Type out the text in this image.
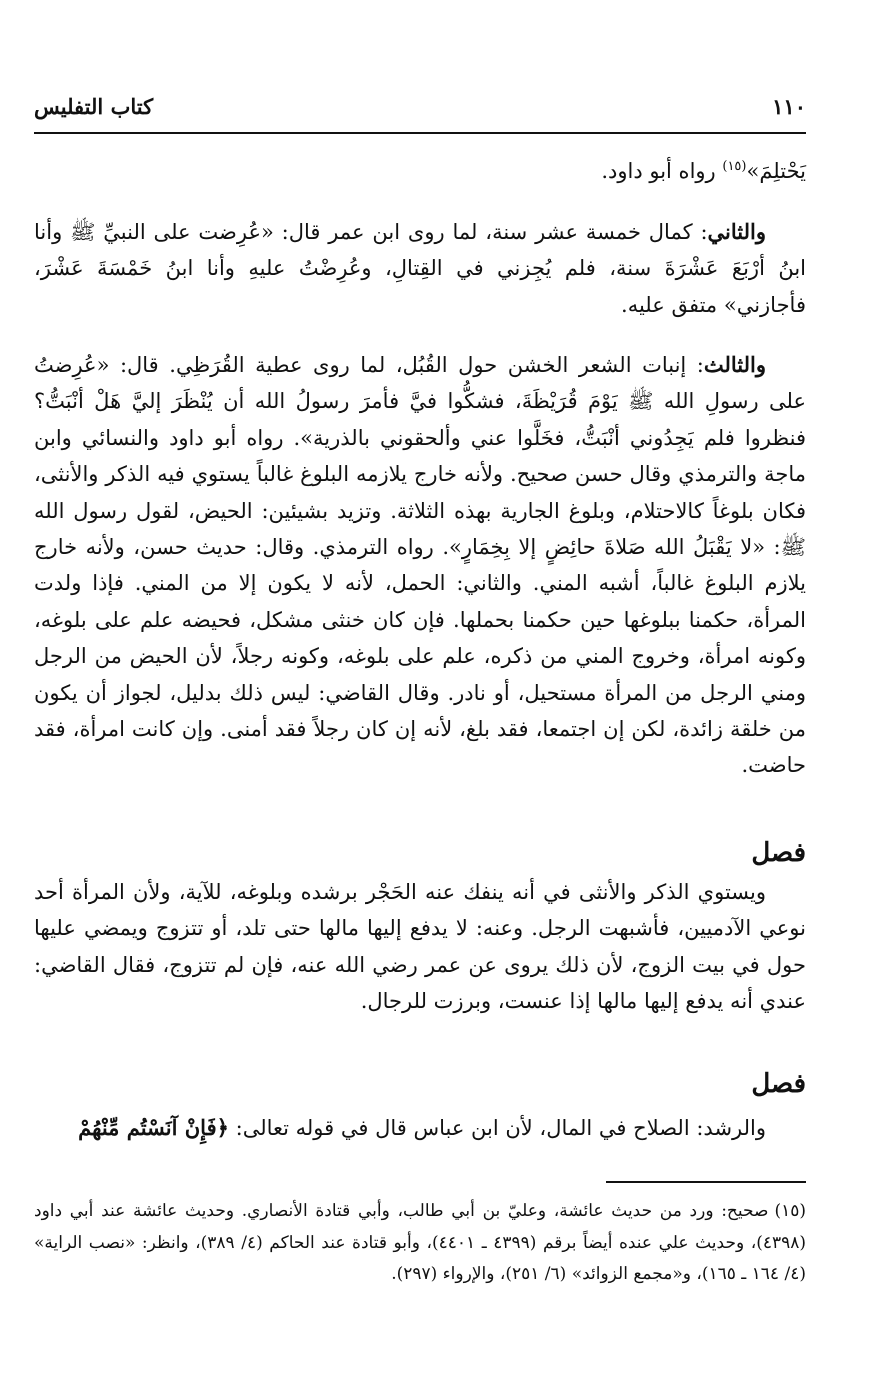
١١٠
كتاب التفليس

يَحْتلِمَ»$^{(١٥)}$ رواه أبو داود.

والثاني: كمال خمسة عشر سنة، لما روى ابن عمر قال: «عُرِضت على النبيِّ ﷺ وأنا ابنُ أرْبَعَ عَشْرَةَ سنة، فلم يُجِزني في القِتالِ، وعُرِضْتُ عليهِ وأنا ابنُ خَمْسَةَ عَشْرَ، فأجازني» متفق عليه.

والثالث: إنبات الشعر الخشن حول القُبُل، لما روى عطية القُرَظِي. قال: «عُرِضتُ على رسولِ الله ﷺ يَوْمَ قُرَيْظَةَ، فشكُّوا فيَّ فأمرَ رسولُ الله أن يُنْظَرَ إليَّ هَلْ أنْبَتُّ؟ فنظروا فلم يَجِدُوني أنْبَتُّ، فخَلَّوا عني وألحقوني بالذرية». رواه أبو داود والنسائي وابن ماجة والترمذي وقال حسن صحيح. ولأنه خارج يلازمه البلوغ غالباً يستوي فيه الذكر والأنثى، فكان بلوغاً كالاحتلام، وبلوغ الجارية بهذه الثلاثة. وتزيد بشيئين: الحيض، لقول رسول الله ﷺ: «لا يَقْبَلُ الله صَلاةَ حائِضٍ إلا بِخِمَارٍ». رواه الترمذي. وقال: حديث حسن، ولأنه خارج يلازم البلوغ غالباً، أشبه المني. والثاني: الحمل، لأنه لا يكون إلا من المني. فإذا ولدت المرأة، حكمنا ببلوغها حين حكمنا بحملها. فإن كان خنثى مشكل، فحيضه علم على بلوغه، وكونه امرأة، وخروج المني من ذكره، علم على بلوغه، وكونه رجلاً، لأن الحيض من الرجل ومني الرجل من المرأة مستحيل، أو نادر. وقال القاضي: ليس ذلك بدليل، لجواز أن يكون من خلقة زائدة، لكن إن اجتمعا، فقد بلغ، لأنه إن كان رجلاً فقد أمنى. وإن كانت امرأة، فقد حاضت.

فصل

ويستوي الذكر والأنثى في أنه ينفك عنه الحَجْر برشده وبلوغه، للآية، ولأن المرأة أحد نوعي الآدميين، فأشبهت الرجل. وعنه: لا يدفع إليها مالها حتى تلد، أو تتزوج ويمضي عليها حول في بيت الزوج، لأن ذلك يروى عن عمر رضي الله عنه، فإن لم تتزوج، فقال القاضي: عندي أنه يدفع إليها مالها إذا عنست، وبرزت للرجال.

فصل

والرشد: الصلاح في المال، لأن ابن عباس قال في قوله تعالى: ﴿فَإِنْ آنَسْتُم مِّنْهُمْ

(١٥)صحيح: ورد من حديث عائشة، وعليّ بن أبي طالب، وأبي قتادة الأنصاري. وحديث عائشة عند أبي داود (٤٣٩٨)، وحديث علي عنده أيضاً برقم (٤٣٩٩ ـ ٤٤٠١)، وأبو قتادة عند الحاكم (٤/ ٣٨٩)، وانظر: «نصب الراية» (٤/ ١٦٤ ـ ١٦٥)، و«مجمع الزوائد» (٦/ ٢٥١)، والإرواء (٢٩٧).
